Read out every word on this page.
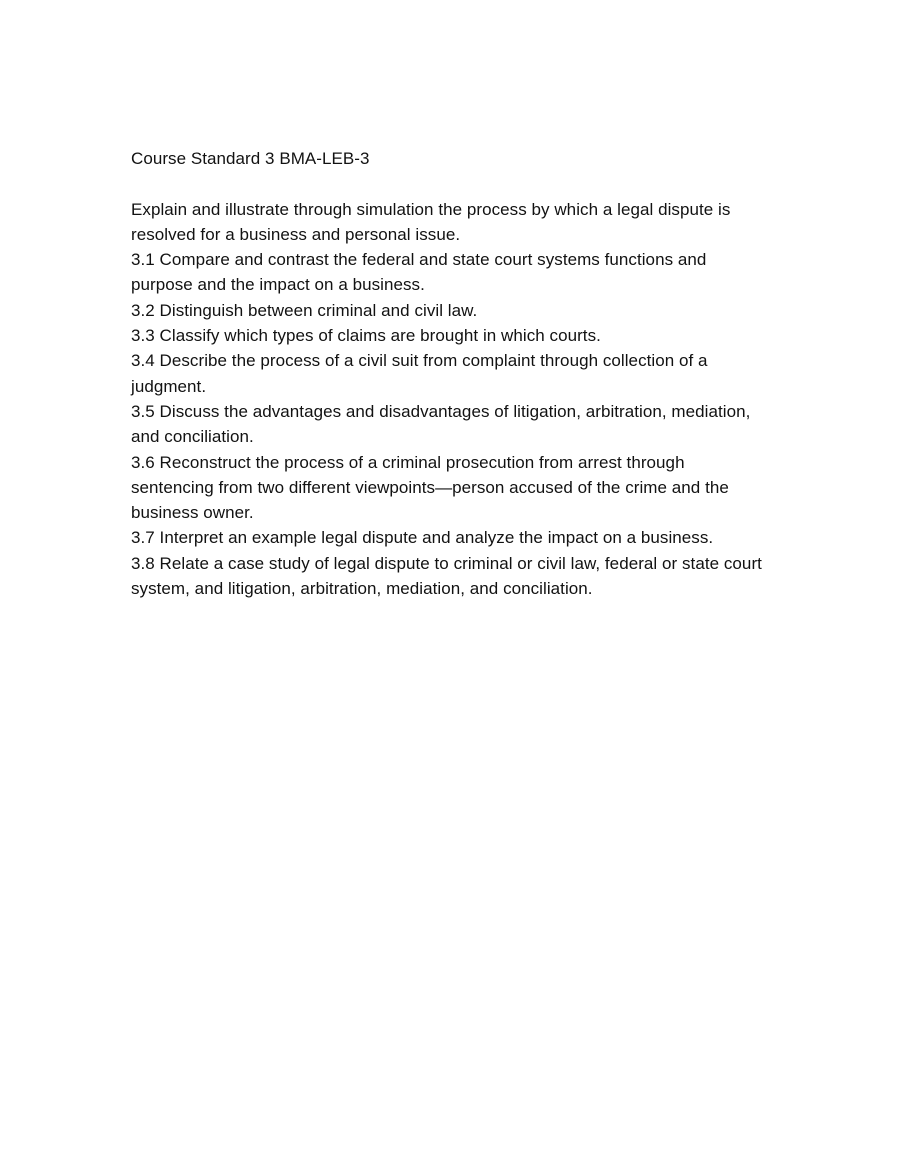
Course Standard 3 BMA-LEB-3

Explain and illustrate through simulation the process by which a legal dispute is resolved for a business and personal issue.

3.1 Compare and contrast the federal and state court systems functions and purpose and the impact on a business.

3.2 Distinguish between criminal and civil law.

3.3 Classify which types of claims are brought in which courts.

3.4 Describe the process of a civil suit from complaint through collection of a judgment.

3.5 Discuss the advantages and disadvantages of litigation, arbitration, mediation, and conciliation.

3.6 Reconstruct the process of a criminal prosecution from arrest through sentencing from two different viewpoints—person accused of the crime and the business owner.

3.7 Interpret an example legal dispute and analyze the impact on a business.

3.8 Relate a case study of legal dispute to criminal or civil law, federal or state court system, and litigation, arbitration, mediation, and conciliation.
